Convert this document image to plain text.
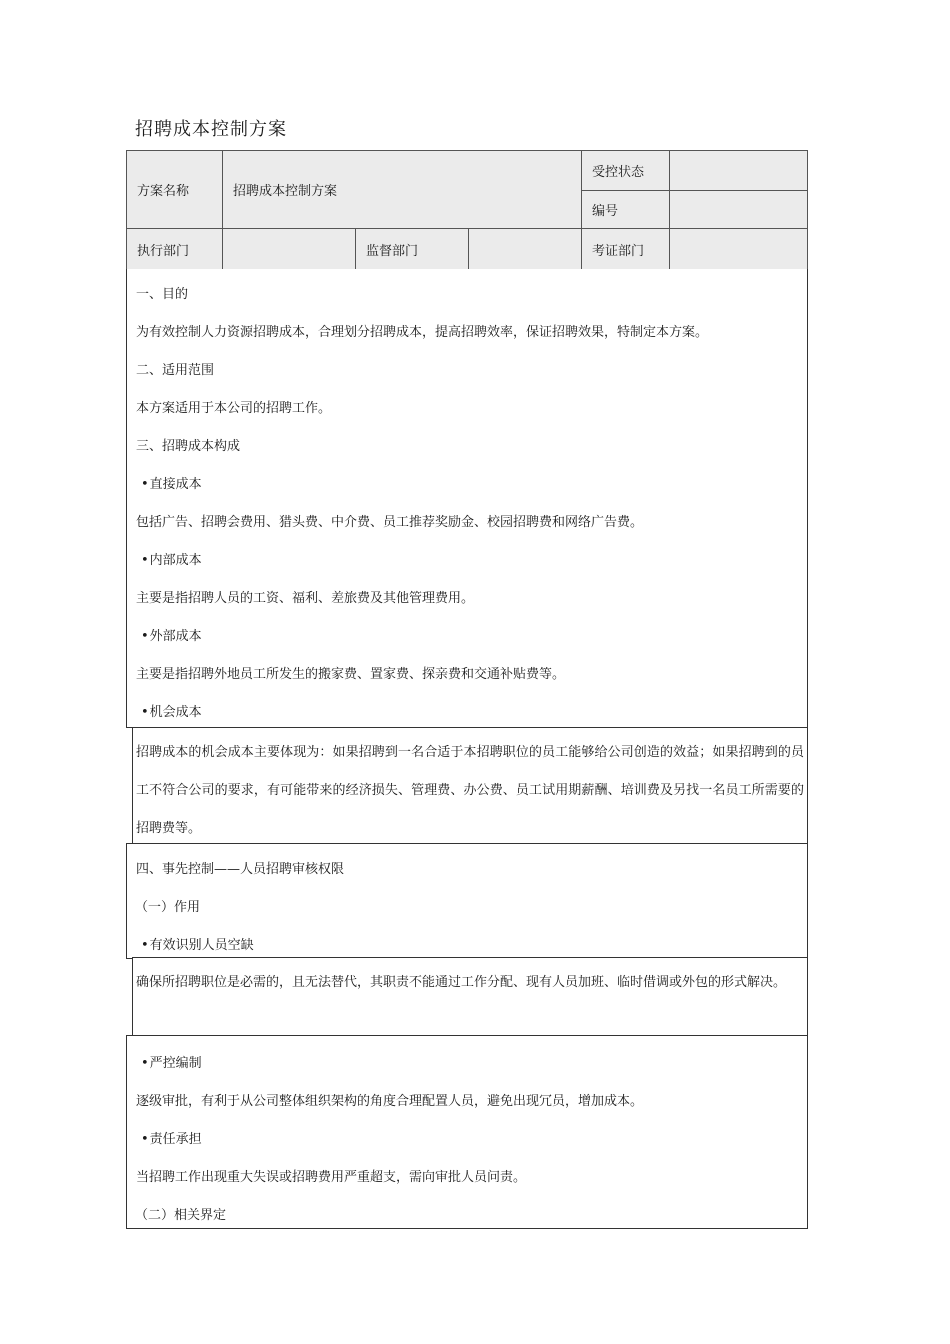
招聘成本控制方案
方案名称	招聘成本控制方案			受控状态	
				编号	
执行部门		监督部门		考证部门	
一、目的
为有效控制人力资源招聘成本，合理划分招聘成本，提高招聘效率，保证招聘效果，特制定本方案。
二、适用范围
本方案适用于本公司的招聘工作。
三、招聘成本构成
• 直接成本
包括广告、招聘会费用、猎头费、中介费、员工推荐奖励金、校园招聘费和网络广告费。
• 内部成本
主要是指招聘人员的工资、福利、差旅费及其他管理费用。
• 外部成本
主要是指招聘外地员工所发生的搬家费、置家费、探亲费和交通补贴费等。
• 机会成本
招聘成本的机会成本主要体现为：如果招聘到一名合适于本招聘职位的员工能够给公司创造的效益；如果招聘到的员工不符合公司的要求，有可能带来的经济损失、管理费、办公费、员工试用期薪酬、培训费及另找一名员工所需要的招聘费等。
四、事先控制——人员招聘审核权限
（一）作用
• 有效识别人员空缺
确保所招聘职位是必需的，且无法替代，其职责不能通过工作分配、现有人员加班、临时借调或外包的形式解决。
• 严控编制
逐级审批，有利于从公司整体组织架构的角度合理配置人员，避免出现冗员，增加成本。
• 责任承担
当招聘工作出现重大失误或招聘费用严重超支，需向审批人员问责。
（二）相关界定
